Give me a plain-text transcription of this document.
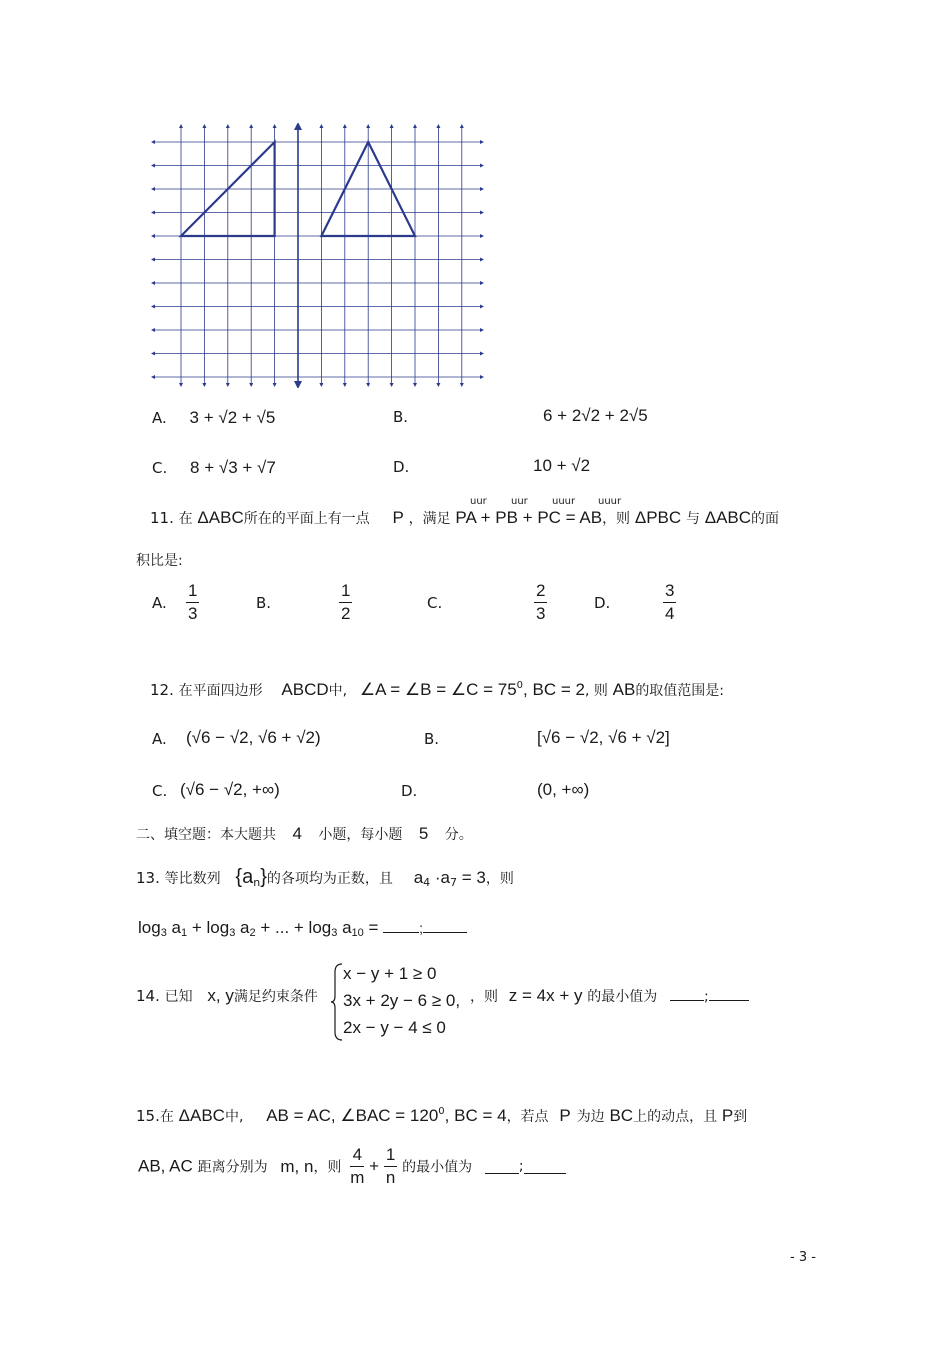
A. 3 + √2 + √5	B.	6 + 2√2 + 2√5
C. 8 + √3 + √7	D.	10 + √2
uur uur uuur uuur
11. 在 ΔABC所在的平面上有一点 P ，满足 PA + PB + PC = AB，则 ΔPBC 与 ΔABC的面
积比是:
A. $\frac{1}{3}$	B.	$\frac{1}{2}$	C.	$\frac{2}{3}$	D.	$\frac{3}{4}$
12. 在平面四边形 ABCD中, ∠A = ∠B = ∠C = $75^0$, BC = 2, 则 AB的取值范围是:
A. (√6 − √2, √6 + √2)	B.	[√6 − √2, √6 + √2]
C. (√6 − √2, +∞)	D.	(0, +∞)
二、填空题：本大题共 4 小题，每小题 5 分。
13. 等比数列 $\{a_n\}$的各项均为正数，且 $a_4 \cdot a_7 = 3$，则
$\log_3 a_1 + \log_3 a_2$ + ... + $\log_3 a_{10}$ =	;
14. 已知 x, y满足约束条件
x − y + 1 ≥ 0
3x + 2y − 6 ≥ 0,
2x − y − 4 ≤ 0
，则 z = 4x + y 的最小值为	;
15.在 ΔABC中, AB = AC, ∠BAC = $120^0$, BC = 4，若点 P 为边 BC上的动点，且 P到
AB, AC 距离分别为 m, n，则 $\frac{4}{m} + \frac{1}{n}$ 的最小值为	;
- 3 -
